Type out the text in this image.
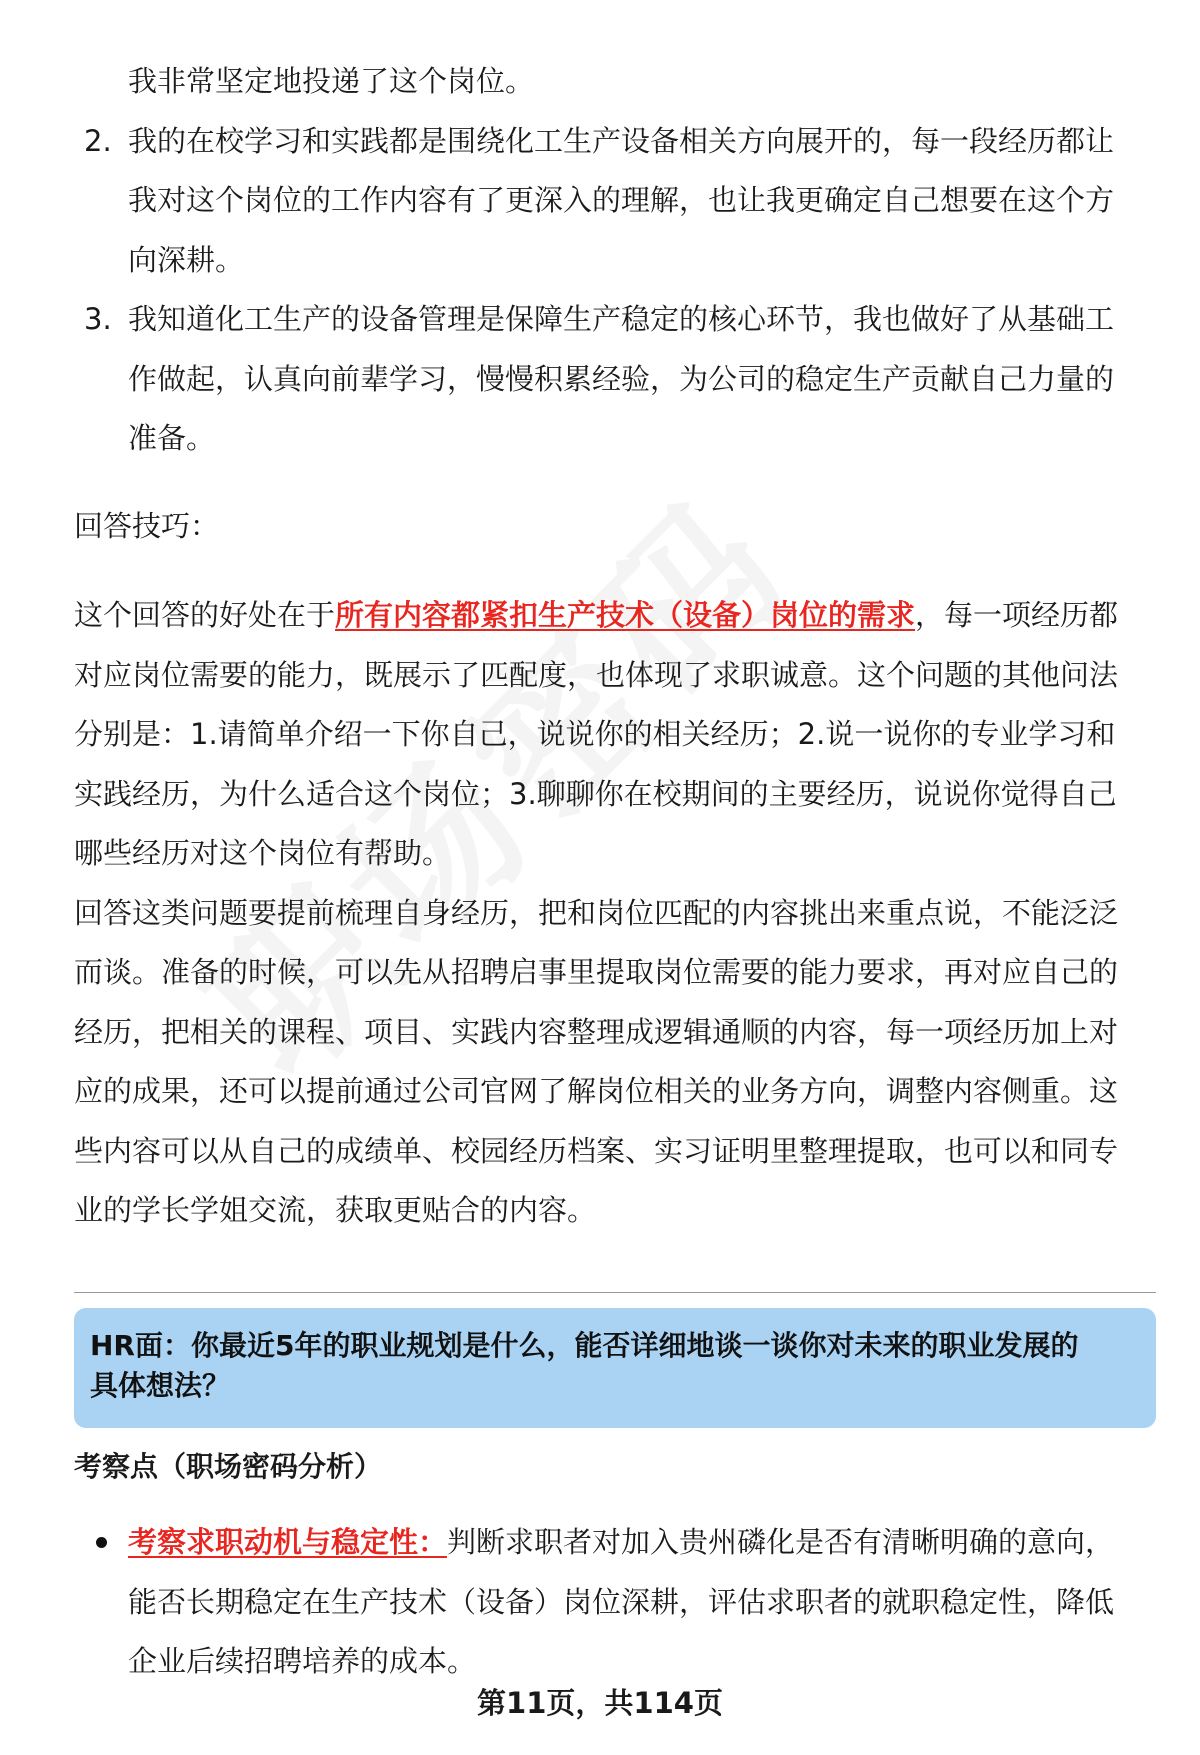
我非常坚定地投递了这个岗位。
2. 我的在校学习和实践都是围绕化工生产设备相关方向展开的，每一段经历都让
我对这个岗位的工作内容有了更深入的理解，也让我更确定自己想要在这个方
向深耕。
3. 我知道化工生产的设备管理是保障生产稳定的核心环节，我也做好了从基础工
作做起，认真向前辈学习，慢慢积累经验，为公司的稳定生产贡献自己力量的
准备。

回答技巧：

这个回答的好处在于所有内容都紧扣生产技术（设备）岗位的需求，每一项经历都

对应岗位需要的能力，既展示了匹配度，也体现了求职诚意。这个问题的其他问法

分别是：1.请简单介绍一下你自己，说说你的相关经历；2.说一说你的专业学习和

实践经历，为什么适合这个岗位；3.聊聊你在校期间的主要经历，说说你觉得自己

哪些经历对这个岗位有帮助。

回答这类问题要提前梳理自身经历，把和岗位匹配的内容挑出来重点说，不能泛泛

而谈。准备的时候，可以先从招聘启事里提取岗位需要的能力要求，再对应自己的

经历，把相关的课程、项目、实践内容整理成逻辑通顺的内容，每一项经历加上对

应的成果，还可以提前通过公司官网了解岗位相关的业务方向，调整内容侧重。这

些内容可以从自己的成绩单、校园经历档案、实习证明里整理提取，也可以和同专

业的学长学姐交流，获取更贴合的内容。

HR面：你最近5年的职业规划是什么，能否详细地谈一谈你对未来的职业发展的
具体想法？
考察点（职场密码分析）
考察求职动机与稳定性：判断求职者对加入贵州磷化是否有清晰明确的意向，
能否长期稳定在生产技术（设备）岗位深耕，评估求职者的就职稳定性，降低
企业后续招聘培养的成本。
第11页，共114页
